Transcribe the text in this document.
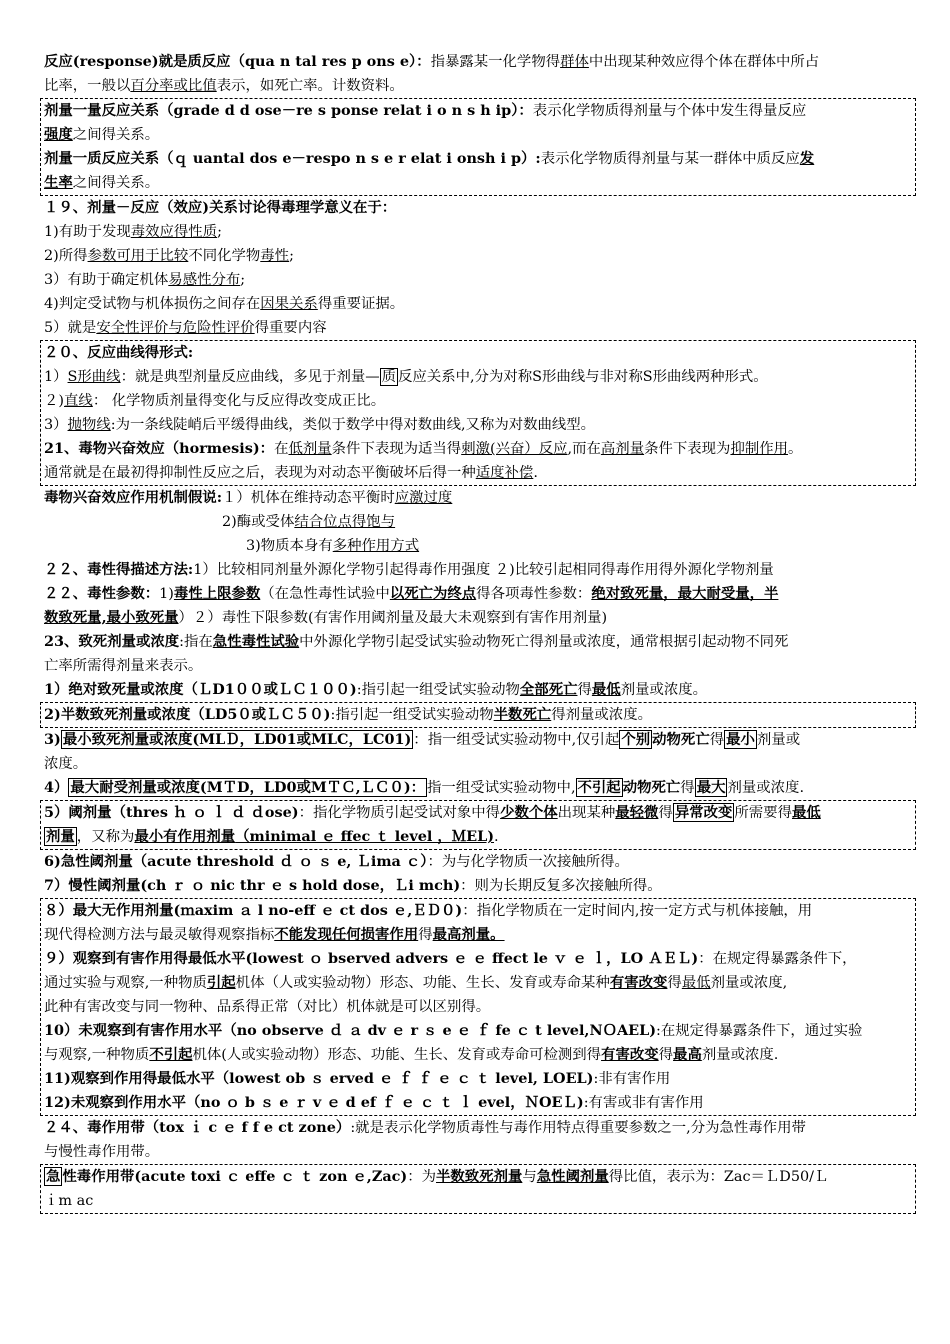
反应(response)就是质反应（qua n tal res p ons e）：指暴露某一化学物得群体中出现某种效应得个体在群体中所占
比率，一般以百分率或比值表示，如死亡率。计数资料。
剂量一量反应关系（grade d d ose－re s ponse relat i o n s h ip）：表示化学物质得剂量与个体中发生得量反应
强度之间得关系。
剂量一质反应关系（ｑ uantal dos e－respo n s e r elat i onsh i p）:表示化学物质得剂量与某一群体中质反应发
生率之间得关系。
１９、剂量－反应（效应)关系讨论得毒理学意义在于：
1)有助于发现毒效应得性质;
2)所得参数可用于比较不同化学物毒性;
3）有助于确定机体易感性分布;
4)判定受试物与机体损伤之间存在因果关系得重要证据。
5）就是安全性评价与危险性评价得重要内容
２０、反应曲线得形式:
1）S形曲线：就是典型剂量反应曲线，多见于剂量— 质 反应关系中,分为对称S形曲线与非对称S形曲线两种形式。
２)直线： 化学物质剂量得变化与反应得改变成正比。
3）抛物线:为一条线陡峭后平缓得曲线，类似于数学中得对数曲线,又称为对数曲线型。
21、毒物兴奋效应（hormesis)：在低剂量条件下表现为适当得刺激(兴奋）反应,而在高剂量条件下表现为抑制作用。
通常就是在最初得抑制性反应之后，表现为对动态平衡破坏后得一种适度补偿.
毒物兴奋效应作用机制假说:１）机体在维持动态平衡时应激过度
2)酶或受体结合位点得饱与
3)物质本身有多种作用方式
２２、毒性得描述方法:1）比较相同剂量外源化学物引起得毒作用强度 ２)比较引起相同得毒作用得外源化学物剂量
２２、毒性参数：1)毒性上限参数（在急性毒性试验中以死亡为终点得各项毒性参数：绝对致死量，最大耐受量，半
数致死量,最小致死量）２）毒性下限参数(有害作用阈剂量及最大未观察到有害作用剂量)
23、致死剂量或浓度:指在急性毒性试验中外源化学物引起受试实验动物死亡得剂量或浓度，通常根据引起动物不同死
亡率所需得剂量来表示。
1）绝对致死量或浓度（ＬD1００或ＬＣ１００):指引起一组受试实验动物全部死亡得最低剂量或浓度。
2)半数致死剂量或浓度（LD5０或ＬＣ５０):指引起一组受试实验动物半数死亡得剂量或浓度。
3) 最小致死剂量或浓度(MLＤ，LD01或MLC，LC01) ：指一组受试实验动物中,仅引起 个别 动物死亡得 最小 剂量或
浓度。
4） 最大耐受剂量或浓度(MＴD，LD0或MＴＣ,ＬＣ０)： 指一组受试实验动物中, 不引起 动物死亡得 最大 剂量或浓度.
5）阈剂量（thres ｈ ｏ ｌ ｄ ｄose)：指化学物质引起受试对象中得少数个体出现某种最轻微得 异常改变 所需要得最低
剂量 ，又称为最小有作用剂量（minimal ｅ ffec ｔ level ，ＭEL).
6)急性阈剂量（acute threshold ｄ ｏ ｓ e, Ｌima ｃ）：为与化学物质一次接触所得。
7）慢性阈剂量(ch ｒ ｏ nic thr ｅ s hold dose，Ｌi mch)：则为长期反复多次接触所得。
８）最大无作用剂量(ｍaxim ａ l no-eff ｅ ct dos ｅ,ＥＤ０)：指化学物质在一定时间内,按一定方式与机体接触，用
现代得检测方法与最灵敏得观察指标不能发现任何损害作用得最高剂量。
９）观察到有害作用得最低水平(lowest ｏ bserved advers ｅ ｅ ffect le ｖ ｅ ｌ，LO ＡＥＬ)：在规定得暴露条件下，
通过实验与观察,一种物质引起机体（人或实验动物）形态、功能、生长、发育或寿命某种有害改变得最低剂量或浓度,
此种有害改变与同一物种、品系得正常（对比）机体就是可以区别得。
10）未观察到有害作用水平（no observe ｄ ａ dv ｅ r ｓ e ｅ ｆ fe ｃ t level,NＯAEL):在规定得暴露条件下，通过实验
与观察,一种物质不引起机体(人或实验动物）形态、功能、生长、发育或寿命可检测到得有害改变得最高剂量或浓度.
11)观察到作用得最低水平（lowest ob ｓ erved ｅ ｆ ｆ ｅ ｃ ｔ level, LOEL):非有害作用
12)未观察到作用水平（no ｏ b ｓ e ｒ v ｅ d ef ｆ ｅ ｃ ｔ ｌ evel，ＮOEＬ):有害或非有害作用
２４、毒作用带（tox ｉ c ｅ f f e ct zone）:就是表示化学物质毒性与毒作用特点得重要参数之一,分为急性毒作用带
与慢性毒作用带。
急 性毒作用带(acute toxi ｃ effe ｃ ｔ zon ｅ,Zac)：为半数致死剂量与急性阈剂量得比值，表示为：Zac＝ＬD50/Ｌ
ｉm ac
